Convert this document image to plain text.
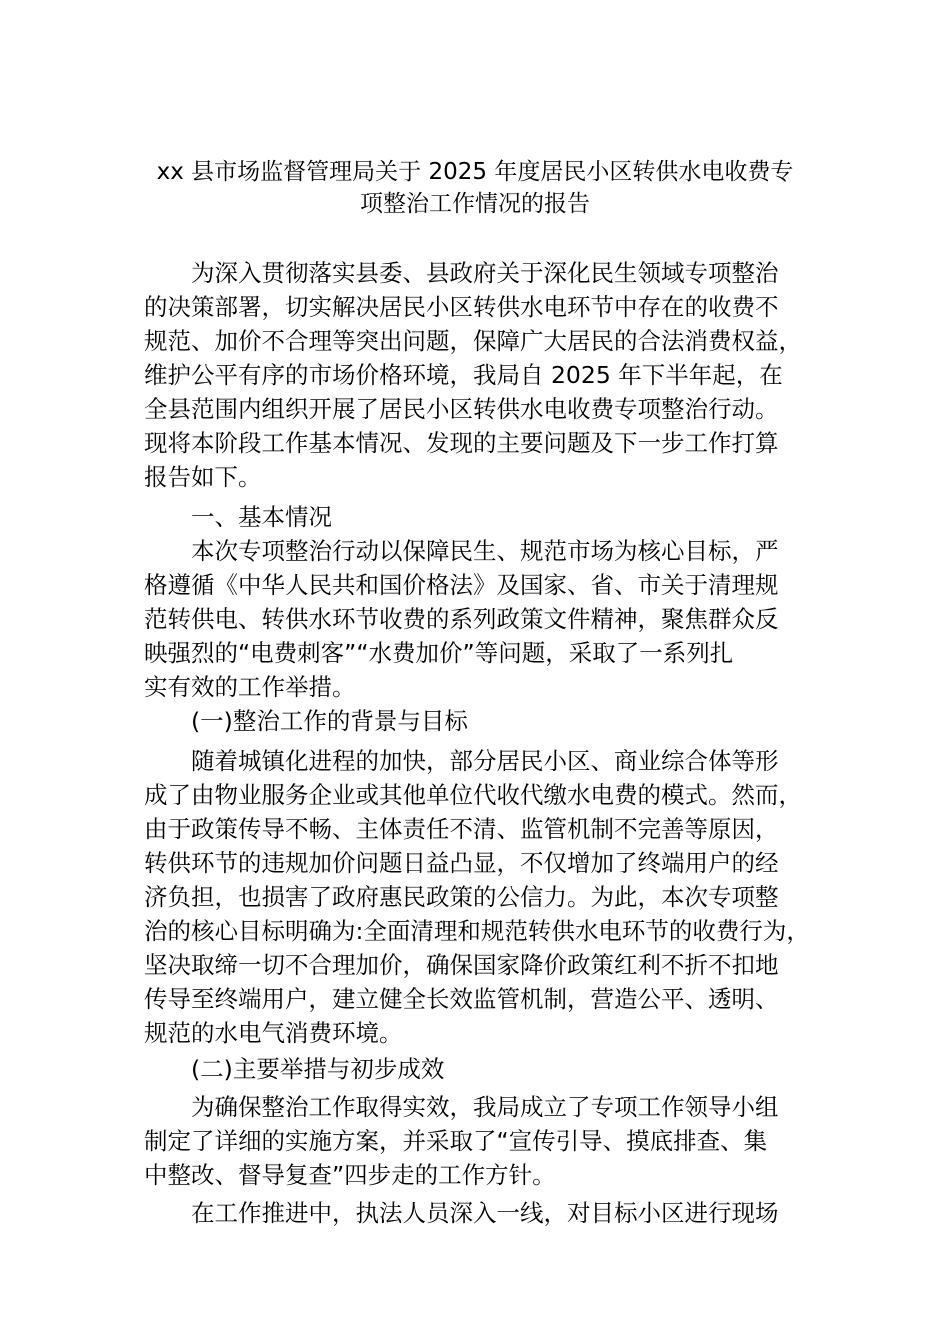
xx 县市场监督管理局关于 2025 年度居民小区转供水电收费专

项整治工作情况的报告

为深入贯彻落实县委、县政府关于深化民生领域专项整治

的决策部署，切实解决居民小区转供水电环节中存在的收费不

规范、加价不合理等突出问题，保障广大居民的合法消费权益，

维护公平有序的市场价格环境，我局自 2025 年下半年起，在

全县范围内组织开展了居民小区转供水电收费专项整治行动。

现将本阶段工作基本情况、发现的主要问题及下一步工作打算

报告如下。

一、基本情况

本次专项整治行动以保障民生、规范市场为核心目标，严

格遵循《中华人民共和国价格法》及国家、省、市关于清理规

范转供电、转供水环节收费的系列政策文件精神，聚焦群众反

映强烈的“电费刺客”“水费加价”等问题，采取了一系列扎

实有效的工作举措。

(一)整治工作的背景与目标

随着城镇化进程的加快，部分居民小区、商业综合体等形

成了由物业服务企业或其他单位代收代缴水电费的模式。然而，

由于政策传导不畅、主体责任不清、监管机制不完善等原因，

转供环节的违规加价问题日益凸显，不仅增加了终端用户的经

济负担，也损害了政府惠民政策的公信力。为此，本次专项整

治的核心目标明确为:全面清理和规范转供水电环节的收费行为，

坚决取缔一切不合理加价，确保国家降价政策红利不折不扣地

传导至终端用户，建立健全长效监管机制，营造公平、透明、

规范的水电气消费环境。

(二)主要举措与初步成效

为确保整治工作取得实效，我局成立了专项工作领导小组

制定了详细的实施方案，并采取了“宣传引导、摸底排查、集

中整改、督导复查”四步走的工作方针。

在工作推进中，执法人员深入一线，对目标小区进行现场
